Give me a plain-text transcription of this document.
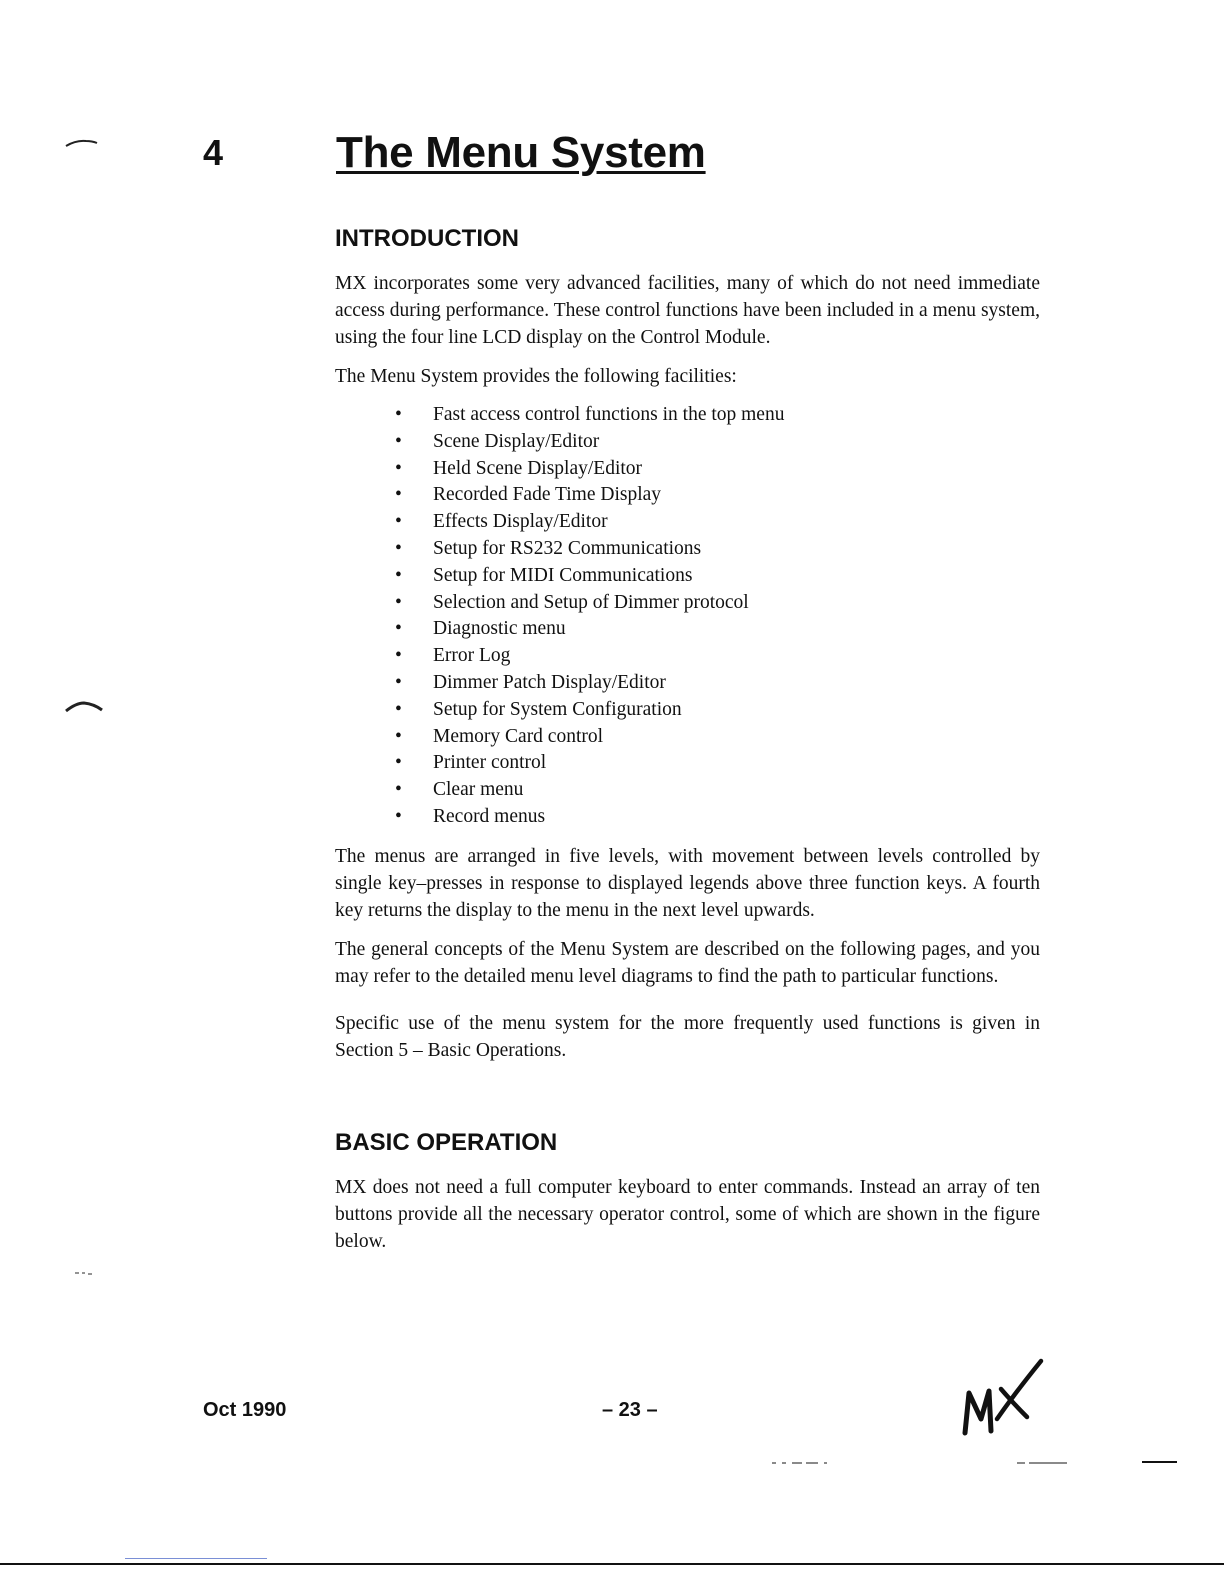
4	The Menu System
INTRODUCTION

MX incorporates some very advanced facilities, many of which do not need immediate access during performance. These control functions have been included in a menu system, using the four line LCD display on the Control Module.

The Menu System provides the following facilities:

• Fast access control functions in the top menu
• Scene Display/Editor
• Held Scene Display/Editor
• Recorded Fade Time Display
• Effects Display/Editor
• Setup for RS232 Communications
• Setup for MIDI Communications
• Selection and Setup of Dimmer protocol
• Diagnostic menu
• Error Log
• Dimmer Patch Display/Editor
• Setup for System Configuration
• Memory Card control
• Printer control
• Clear menu
• Record menus

The menus are arranged in five levels, with movement between levels controlled by single key–presses in response to displayed legends above three function keys. A fourth key returns the display to the menu in the next level upwards.

The general concepts of the Menu System are described on the following pages, and you may refer to the detailed menu level diagrams to find the path to particular functions.

Specific use of the menu system for the more frequently used functions is given in Section 5 – Basic Operations.

BASIC OPERATION

MX does not need a full computer keyboard to enter commands. Instead an array of ten buttons provide all the necessary operator control, some of which are shown in the figure below.

Oct 1990	– 23 –
